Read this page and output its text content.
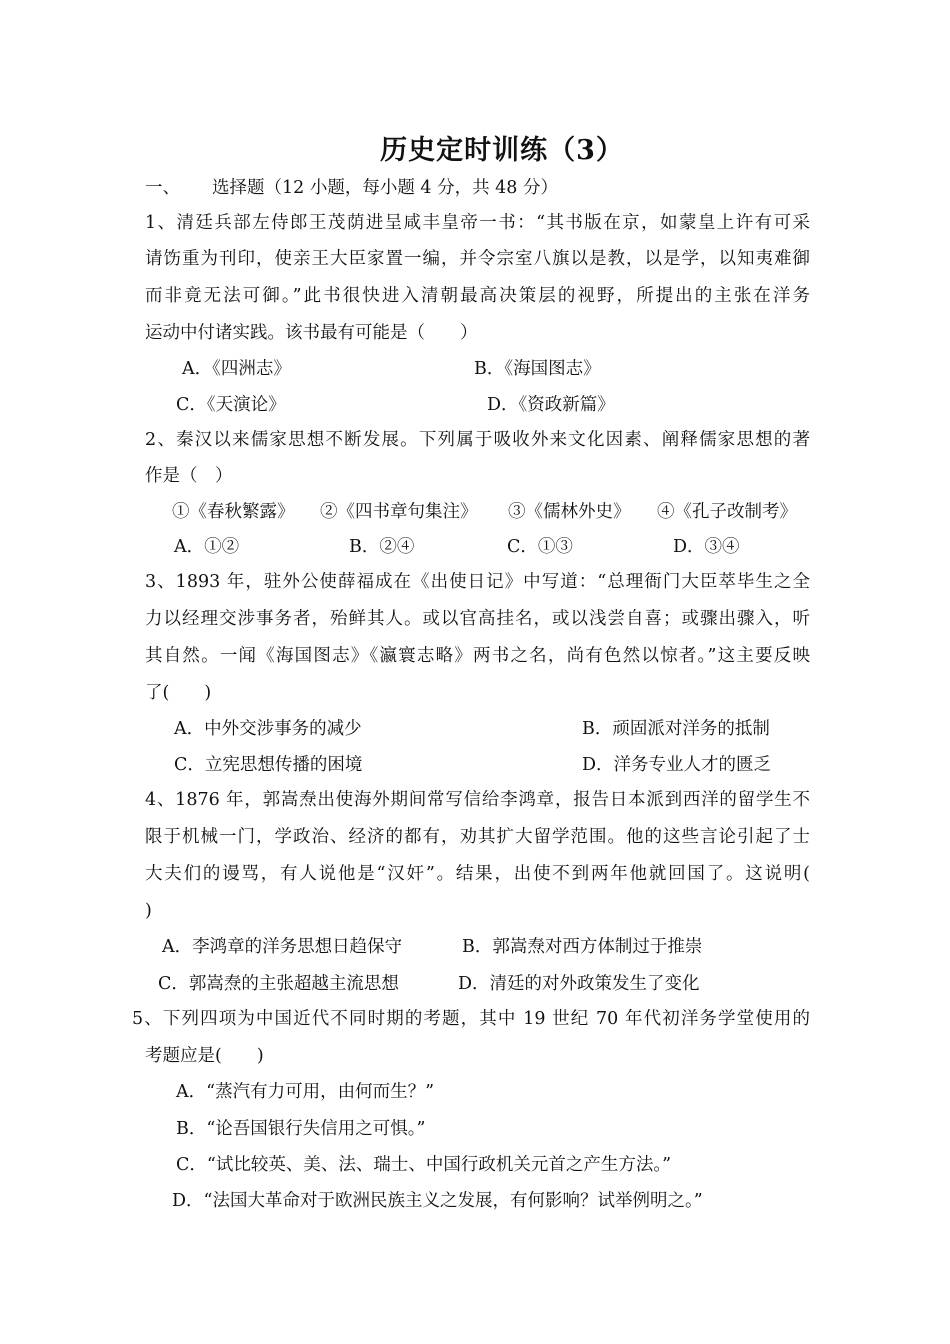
历史定时训练（3）
一、 选择题（12 小题，每小题 4 分，共 48 分）
1、清廷兵部左侍郎王茂荫进呈咸丰皇帝一书：“其书版在京，如蒙皇上许有可采
请饬重为刊印，使亲王大臣家置一编，并令宗室八旗以是教，以是学，以知夷难御
而非竟无法可御。”此书很快进入清朝最高决策层的视野，所提出的主张在洋务
运动中付诸实践。该书最有可能是（　　）
A．《四洲志》	B．《海国图志》
C．《天演论》	D．《资政新篇》
2、秦汉以来儒家思想不断发展。下列属于吸收外来文化因素、阐释儒家思想的著
作是（　）
①《春秋繁露》 ②《四书章句集注》 ③《儒林外史》 ④《孔子改制考》
A．①②	B．②④	C．①③	D．③④
3、1893 年，驻外公使薛福成在《出使日记》中写道：“总理衙门大臣萃毕生之全
力以经理交涉事务者，殆鲜其人。或以官高挂名，或以浅尝自喜；或骤出骤入，听
其自然。一闻《海国图志》《瀛寰志略》两书之名，尚有色然以惊者。”这主要反映
了(　　)
A．中外交涉事务的减少	B．顽固派对洋务的抵制
C．立宪思想传播的困境	D．洋务专业人才的匮乏
4、1876 年，郭嵩焘出使海外期间常写信给李鸿章，报告日本派到西洋的留学生不
限于机械一门，学政治、经济的都有，劝其扩大留学范围。他的这些言论引起了士
大夫们的谩骂，有人说他是“汉奸”。结果，出使不到两年他就回国了。这说明(
)
A．李鸿章的洋务思想日趋保守	B．郭嵩焘对西方体制过于推崇
C．郭嵩焘的主张超越主流思想	D．清廷的对外政策发生了变化
5、下列四项为中国近代不同时期的考题，其中 19 世纪 70 年代初洋务学堂使用的
考题应是(　　)
A．“蒸汽有力可用，由何而生？”
B．“论吾国银行失信用之可惧。”
C．“试比较英、美、法、瑞士、中国行政机关元首之产生方法。”
D．“法国大革命对于欧洲民族主义之发展，有何影响？试举例明之。”
